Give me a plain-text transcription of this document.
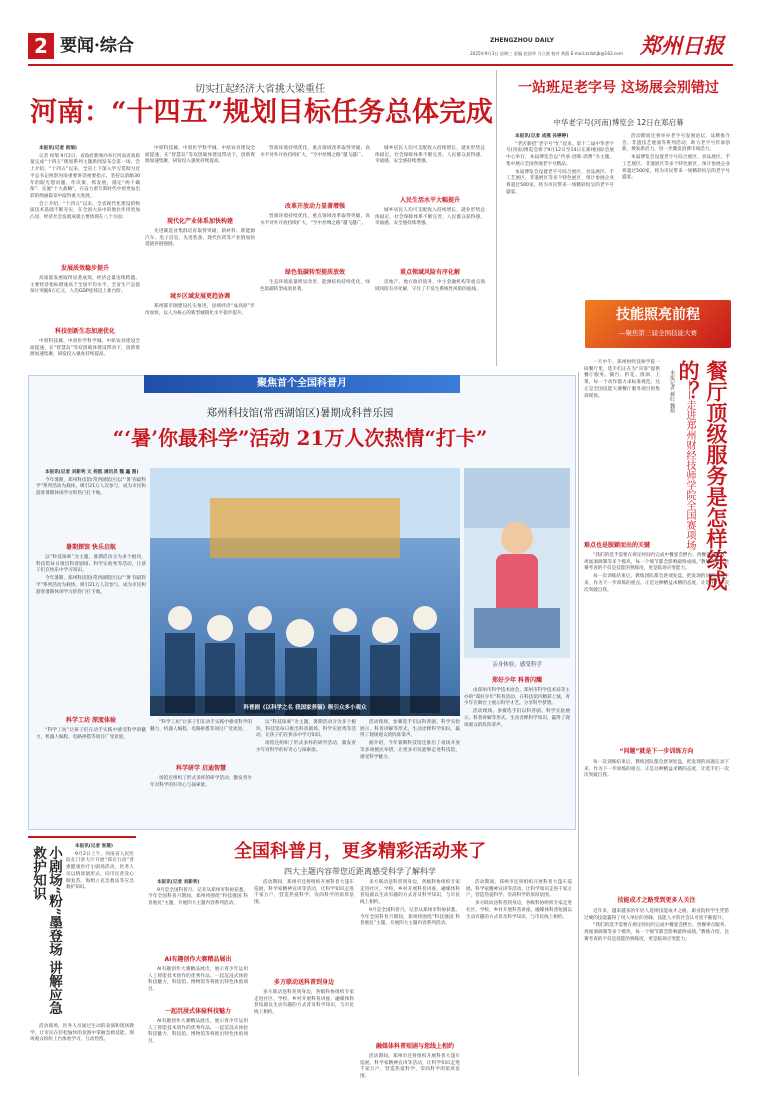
2 要闻·综合	ZHENGZHOU DAILY	郑州日报
2025年9月3日 星期三 责编 赵国华 马立波 校对 黄燕 E-mail:zzrbhjb@163.com
切实扛起经济大省挑大梁重任
河南：“十四五”规划目标任务总体完成

本报讯(记者 侯瑞)

记者 侯瑞 9月2日，省政府新闻办举行河南省高质量完成“十四五”规划系列主题新闻发布会第一场。会上介绍，“十四五”以来，全省上下深入学习贯彻习近平总书记视察河南重要讲话重要指示，坚持以前瞻30年的眼光想问题、作决策、抓发展，锚定“两个确保”、实施“十大战略”，在奋力谱写新时代中原更加出彩的绚丽篇章中取得重大进展。

会上介绍，“十四五”以来，全省现代化建设的物质技术基础不断夯实，在全国大局中的地位作用更加凸显，经济社会发展成就主要体现在八个方面：

发展质效稳步提升

高质量发展取得显著成效，经济总量连续跨越，主要经济指标增速高于全国平均水平，全省生产总值预计突破6万亿元，人均GDP连续迈上新台阶。

科技创新生态加速优化

中原科技城、中原医学科学城、中原农谷建设全面提速，在“智慧岛”等双创载体建设带动下，创新资源加速集聚，研发投入强度持续提高。

中原科技城、中原医学科学城、中原农谷建设全面提速，在“智慧岛”等双创载体建设带动下，创新资源加速集聚，研发投入强度持续提高。

现代化产业体系加快构建

先进制造业集群培育取得突破，新材料、新能源汽车、电子信息、先进装备、现代医药等产业链加快延链补链强链。

城乡区域发展更趋协调

郑州都市圈建设扎实推进，县域经济“成高原”步伐加快，以人为核心的新型城镇化水平稳步提升。

营商环境持续优化，重点领域改革取得突破，高水平对外开放持续扩大，“空中丝绸之路”越飞越广。

改革开放动力显著增强

营商环境持续优化，重点领域改革取得突破，高水平对外开放持续扩大，“空中丝绸之路”越飞越广。

绿色低碳转型提质放效

生态环境质量明显改善，能源结构持续优化，绿色低碳转型成效显著。

城乡居民人均可支配收入持续增长，就业形势总体稳定，社会保障体系不断完善，人民群众获得感、幸福感、安全感持续增强。

人民生活水平大幅提升

城乡居民人均可支配收入持续增长，就业形势总体稳定，社会保障体系不断完善，人民群众获得感、幸福感、安全感持续增强。

重点领域风险有序化解

房地产、地方政府债务、中小金融机构等重点领域风险有序化解，守住了不发生系统性风险的底线。

一站班足老字号 这场展会别错过
中华老字号(河南)博览会 12日在郑启幕

本报讯(记者 成燕 孙婷婷)

“老店新招”老字号“忙”起来。第十二届中华老字号(河南)博览会将于9月12日至14日在郑州国际会展中心举行，本届博览会以“传承·创新·消费”为主题，集中展示全国各地老字号精品。

本届博览会设置老字号综合展区、食品展区、手工艺展区、非遗展区等多个特色展区，预计参展企业将超过500家，将为市民带来一场精彩纷呈的老字号盛宴。

活动期间还将举办老字号发展论坛、品牌推介会、非遗技艺展演等系列活动，助力老字号传承创新、焕发新活力，进一步激发消费市场活力。

本届博览会设置老字号综合展区、食品展区、手工艺展区、非遗展区等多个特色展区，预计参展企业将超过500家，将为市民带来一场精彩纷呈的老字号盛宴。

技能照亮前程
—聚焦第三届全国技能大赛
餐厅顶级服务是怎样练成的？
——走进郑州财经技师学院全国赛项场
本报记者 郝红 魏萌

一天中午，郑州财经技师学院一间餐厅里，选手们正在为“宾客”提供餐厅服务。铺台、折花、斟酒、上菜，每一个动作都力求标准规范，这正是全国技能大赛餐厅服务项目的集训现场。

难点也是脱颖而出的关键

“我们的选手需要在规定时间内完成中餐宴会摆台、西餐零点服务、鸡尾酒调制等多个模块，每一个细节都会影响最终成绩。”教练介绍，比赛考查的不仅是技能的熟练度，更是临场应变能力。

每一次训练结束后，教练团队都会逐项复盘，把发现的问题记录下来，作为下一步训练的重点。正是这种精益求精的态度，让选手们一次次突破自我。

“问题”就是下一步训练方向

每一次训练结束后，教练团队都会逐项复盘，把发现的问题记录下来，作为下一步训练的重点。正是这种精益求精的态度，让选手们一次次突破自我。

技能成才之路受到更多人关注

近年来，越来越多的年轻人选择技能成才之路，职业院校学生凭借过硬的技能赢得了用人单位的青睐，技能人才的社会认可度不断提升。

“我们的选手需要在规定时间内完成中餐宴会摆台、西餐零点服务、鸡尾酒调制等多个模块，每一个细节都会影响最终成绩。”教练介绍，比赛考查的不仅是技能的熟练度，更是临场应变能力。

聚焦首个全国科普月
郑州科技馆(常西湖馆区)暑期成科普乐园
“‘暑’你最科学”活动 21万人次热情“打卡”

本报讯(记者 刘新利 文 杨凯 通讯员 魏 鑫 图)

今年暑期，郑州科技馆(常西湖馆区)以“‘暑’你最科学”系列活动为载体，吸引21万人次参与，成为市民和游客暑期休闲学习的热门打卡地。

暑期探馆 快乐启航

以“科技探索”为主题，暑期活动分为多个板块，科技馆每日推出科普剧场、科学实验秀等活动，让孩子们在快乐中学习知识。

今年暑期，郑州科技馆(常西湖馆区)以“‘暑’你最科学”系列活动为载体，吸引21万人次参与，成为市民和游客暑期休闲学习的热门打卡地。

科学工坊 深度体验

“科学工坊”让孩子们在动手实践中感受科学的魅力，机器人编程、电路拼搭等项目广受欢迎。

科普剧《以科学之名 我国家养猫》吸引众多小观众
亲身体验，感受科学

“科学工坊”让孩子们在动手实践中感受科学的魅力，机器人编程、电路拼搭等项目广受欢迎。

科学研学 启迪智慧

场馆还组织了形式多样的研学活动，激发青少年对科学的好奇心与探索欲。

以“科技探索”为主题，暑期活动分为多个板块，科技馆每日推出科普剧场、科学实验秀等活动，让孩子们在快乐中学习知识。

场馆还组织了形式多样的研学活动，激发青少年对科学的好奇心与探索欲。

活动现场，参赛选手们以科普剧、科学实验展示、科普讲解等形式，生动诠释科学知识，赢得了现场观众的阵阵掌声。

据介绍，今年暑期科技馆还推出了夜场开放等多项便民举措，让更多市民能够走进科技馆，感受科学魅力。

郑好少年 科普闪耀

由郑州市科学技术协会、郑州市科学技术局等主办的“郑好少年”科普活动，在科技馆内精彩上演，青少年在舞台上展示科学才艺，分享科学梦想。

活动现场，参赛选手们以科普剧、科学实验展示、科普讲解等形式，生动诠释科学知识，赢得了现场观众的阵阵掌声。

小剧场“粉”墨登场 讲解应急救护知识	本报讯(记者 张建)

9月2日上午，河南省人民医院在门诊大厅开展“郑在行动”普惠健康医疗小剧场活动，医务人员以情景剧形式，向市民普及心肺复苏、海姆立克急救法等应急救护知识。

活动现场，医务人员通过生动的表演和现场教学，让市民在轻松愉快的氛围中掌握急救技能，现场观众纷纷上台体验学习，互动热烈。

全国科普月，更多精彩活动来了
四大主题内容带您近距离感受科学了解科学

本报讯(记者 刘新利)

9月是全国科普月。记者从郑州市科协获悉，今年全国科普月期间，郑州将围绕“科技强国 科普惠民”主题，开展四大主题内容系列活动。

AI有趣创作大赛精品展出

AI有趣创作大赛精品展出，展示青少年运用人工智能技术创作的优秀作品。一起沉浸式体验科技魅力，科技馆、博物馆等将推出特色体验项目。

一起沉浸式体验科技魅力

AI有趣创作大赛精品展出，展示青少年运用人工智能技术创作的优秀作品。一起沉浸式体验科技魅力，科技馆、博物馆等将推出特色体验项目。

活动期间，郑州市还将组织开展科普大篷车巡展、科学家精神宣讲等活动，让科学知识走进千家万户，营造热爱科学、崇尚科学的浓厚氛围。

多方联动送科普到身边

多方联动送科普到身边，各级科协组织专家走进社区、学校、乡村开展科普讲座。融媒体科普短剧以生动有趣的方式普及科学知识，与市民线上相约。

多方联动送科普到身边，各级科协组织专家走进社区、学校、乡村开展科普讲座。融媒体科普短剧以生动有趣的方式普及科学知识，与市民线上相约。

9月是全国科普月。记者从郑州市科协获悉，今年全国科普月期间，郑州将围绕“科技强国 科普惠民”主题，开展四大主题内容系列活动。

融媒体科普短剧与您线上相约

活动期间，郑州市还将组织开展科普大篷车巡展、科学家精神宣讲等活动，让科学知识走进千家万户，营造热爱科学、崇尚科学的浓厚氛围。

活动期间，郑州市还将组织开展科普大篷车巡展、科学家精神宣讲等活动，让科学知识走进千家万户，营造热爱科学、崇尚科学的浓厚氛围。

多方联动送科普到身边，各级科协组织专家走进社区、学校、乡村开展科普讲座。融媒体科普短剧以生动有趣的方式普及科学知识，与市民线上相约。
